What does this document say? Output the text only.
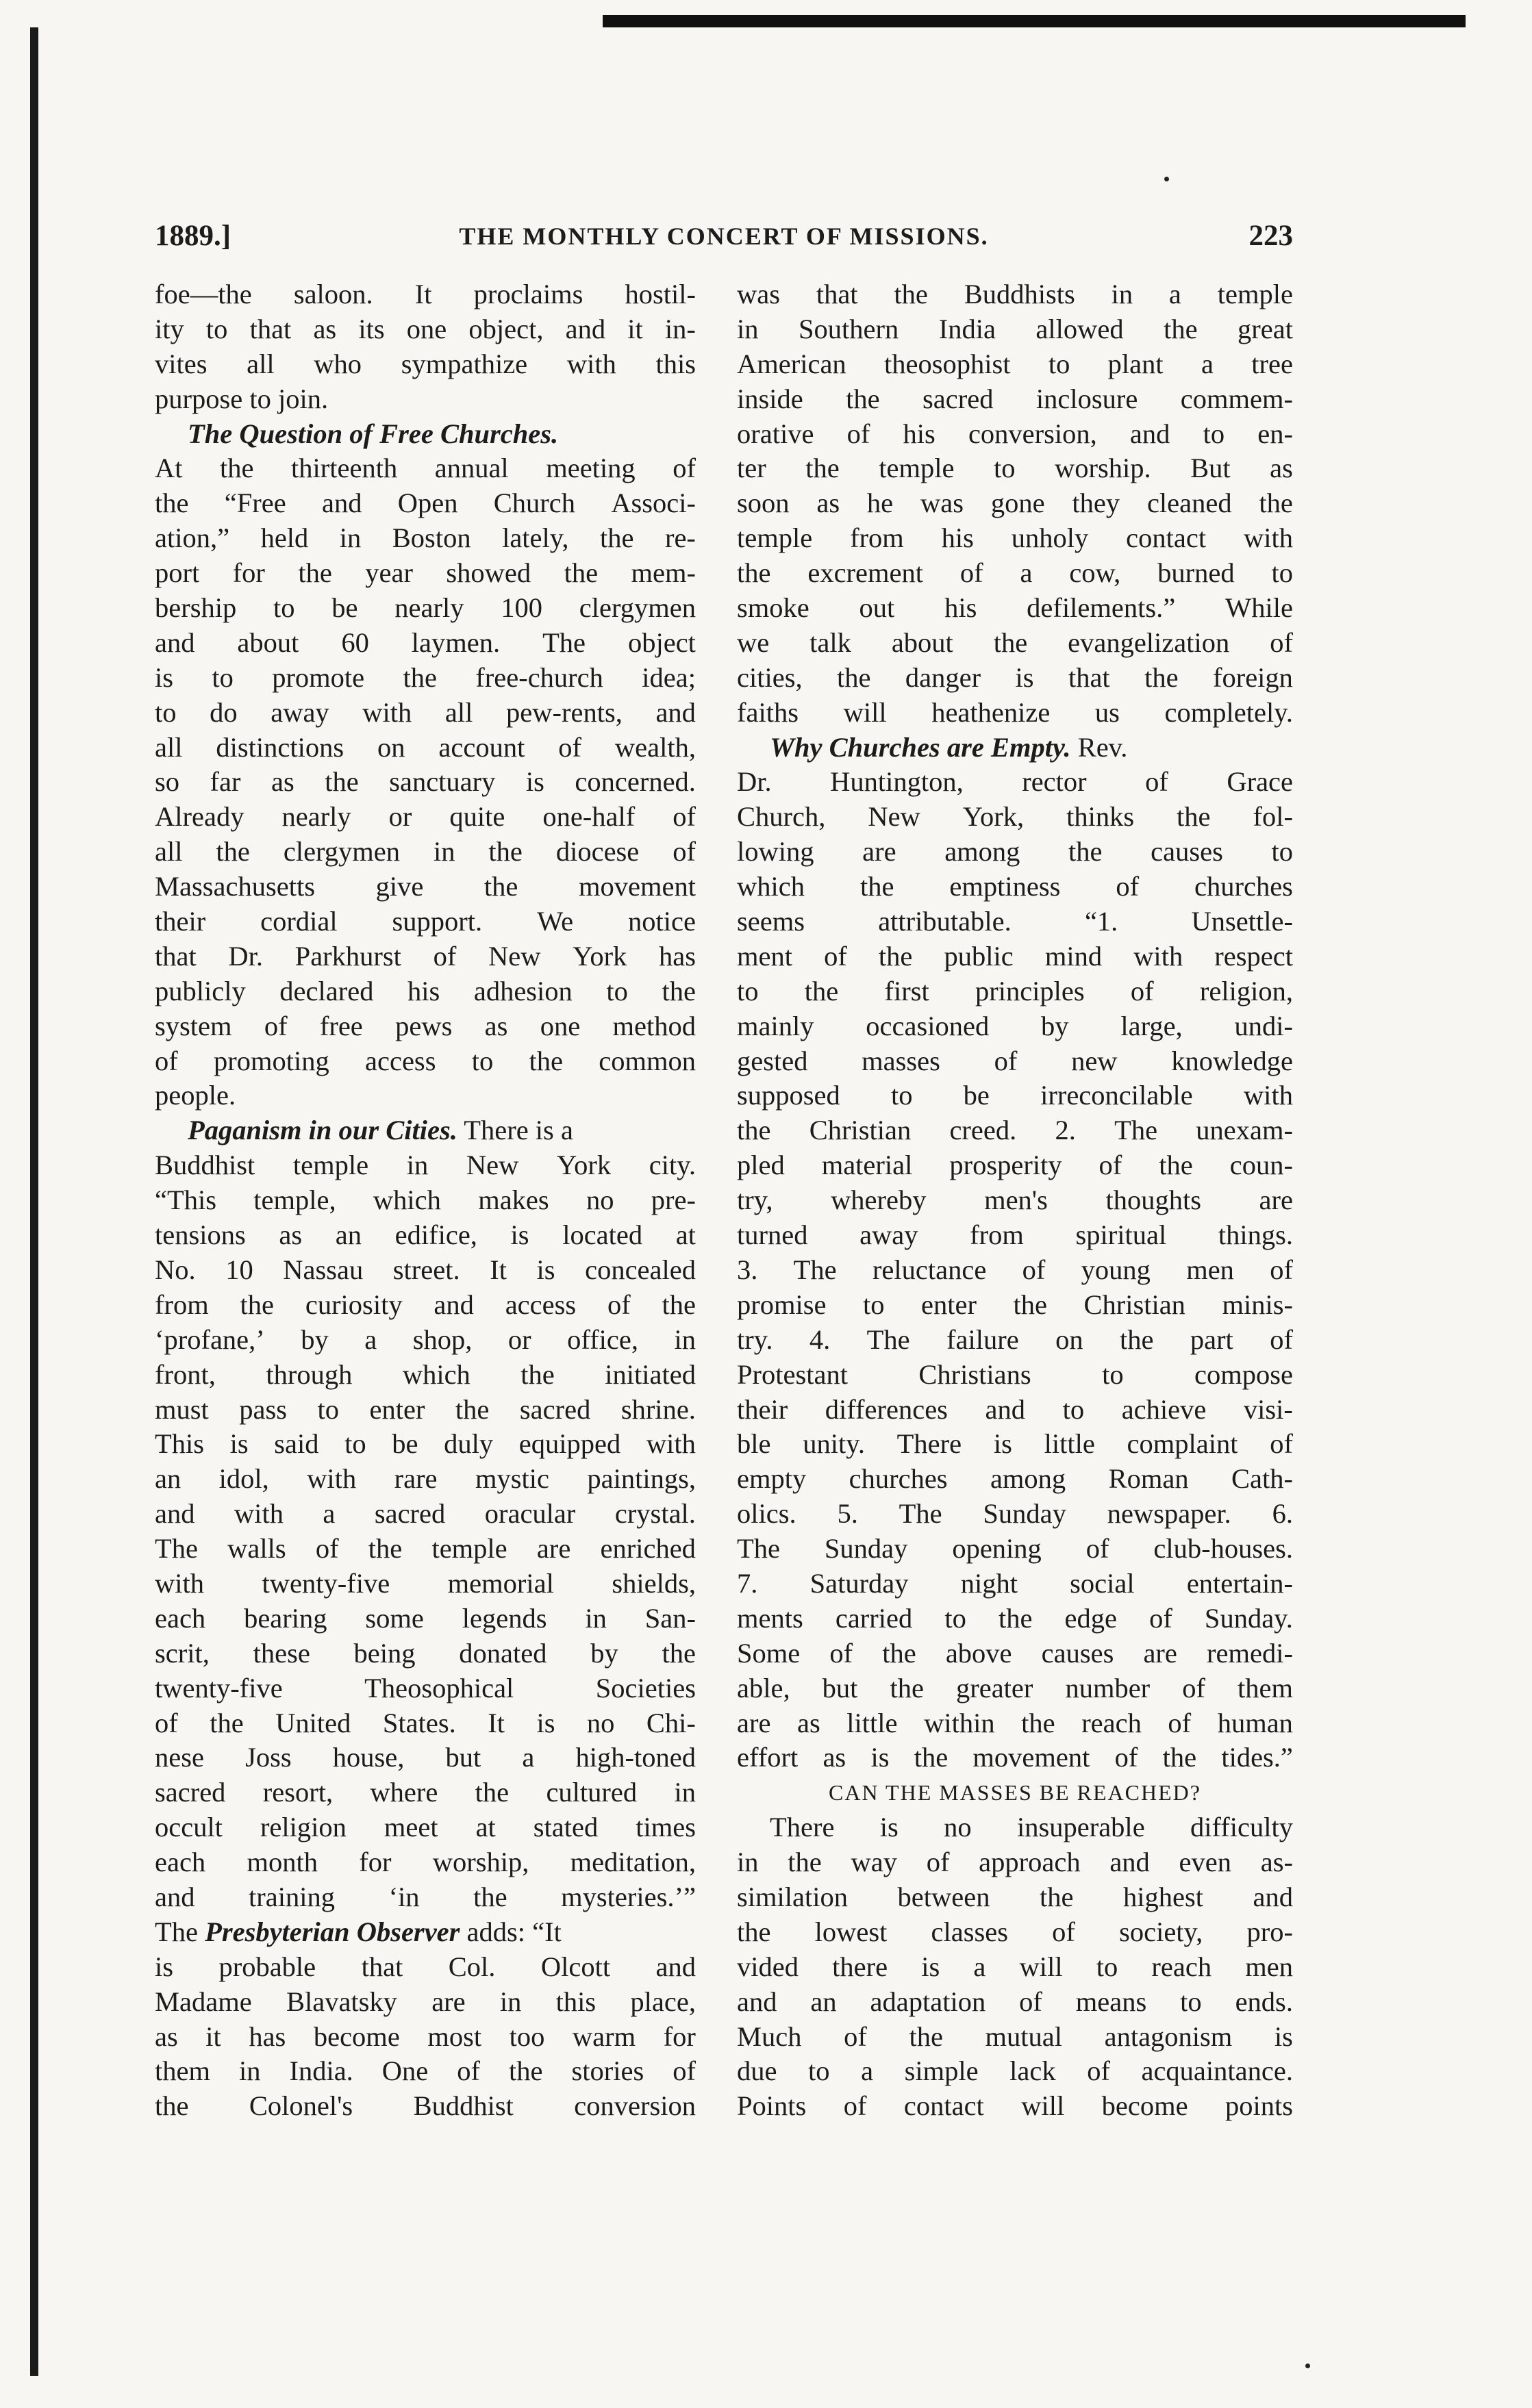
1889.]	THE MONTHLY CONCERT OF MISSIONS.	223
foe—the saloon. It proclaims hostil-
ity to that as its one object, and it in-
vites all who sympathize with this
purpose to join.
The Question of Free Churches.
At the thirteenth annual meeting of
the “Free and Open Church Associ-
ation,” held in Boston lately, the re-
port for the year showed the mem-
bership to be nearly 100 clergymen
and about 60 laymen. The object
is to promote the free-church idea;
to do away with all pew-rents, and
all distinctions on account of wealth,
so far as the sanctuary is concerned.
Already nearly or quite one-half of
all the clergymen in the diocese of
Massachusetts give the movement
their cordial support. We notice
that Dr. Parkhurst of New York has
publicly declared his adhesion to the
system of free pews as one method
of promoting access to the common
people.
Paganism in our Cities. There is a
Buddhist temple in New York city.
“This temple, which makes no pre-
tensions as an edifice, is located at
No. 10 Nassau street. It is concealed
from the curiosity and access of the
‘profane,’ by a shop, or office, in
front, through which the initiated
must pass to enter the sacred shrine.
This is said to be duly equipped with
an idol, with rare mystic paintings,
and with a sacred oracular crystal.
The walls of the temple are enriched
with twenty-five memorial shields,
each bearing some legends in San-
scrit, these being donated by the
twenty-five	Theosophical	Societies
of the United States. It is no Chi-
nese Joss house, but a high-toned
sacred resort, where the cultured in
occult religion meet at stated times
each month for worship, meditation,
and training ‘in the mysteries.’”
The Presbyterian Observer adds: “It
is probable that Col. Olcott and
Madame Blavatsky are in this place,
as it has become most too warm for
them in India. One of the stories of
the Colonel's Buddhist conversion
was that the Buddhists in a temple
in Southern India allowed the great
American theosophist to plant a tree
inside the sacred inclosure commem-
orative of his conversion, and to en-
ter the temple to worship. But as
soon as he was gone they cleaned the
temple from his unholy contact with
the excrement of a cow, burned to
smoke out his defilements.” While
we talk about the evangelization of
cities, the danger is that the foreign
faiths will heathenize us completely.
Why Churches are Empty. Rev.
Dr. Huntington, rector of Grace
Church, New York, thinks the fol-
lowing are among the causes to
which the emptiness of churches
seems	attributable.	“1.	Unsettle-
ment of the public mind with respect
to the first principles of religion,
mainly occasioned by large, undi-
gested masses of new knowledge
supposed to be irreconcilable with
the Christian creed. 2. The unexam-
pled material prosperity of the coun-
try, whereby men's thoughts are
turned away from spiritual things.
3. The reluctance of young men of
promise to enter the Christian minis-
try. 4. The failure on the part of
Protestant	Christians	to	compose
their differences and to achieve visi-
ble unity. There is little complaint of
empty churches among Roman Cath-
olics. 5. The Sunday newspaper. 6.
The Sunday opening of club-houses.
7. Saturday night social entertain-
ments carried to the edge of Sunday.
Some of the above causes are remedi-
able, but the greater number of them
are as little within the reach of human
effort as is the movement of the tides.”
CAN THE MASSES BE REACHED?
There is no insuperable difficulty
in the way of approach and even as-
similation between the highest and
the lowest classes of society, pro-
vided there is a will to reach men
and an adaptation of means to ends.
Much of the mutual antagonism is
due to a simple lack of acquaintance.
Points of contact will become points
